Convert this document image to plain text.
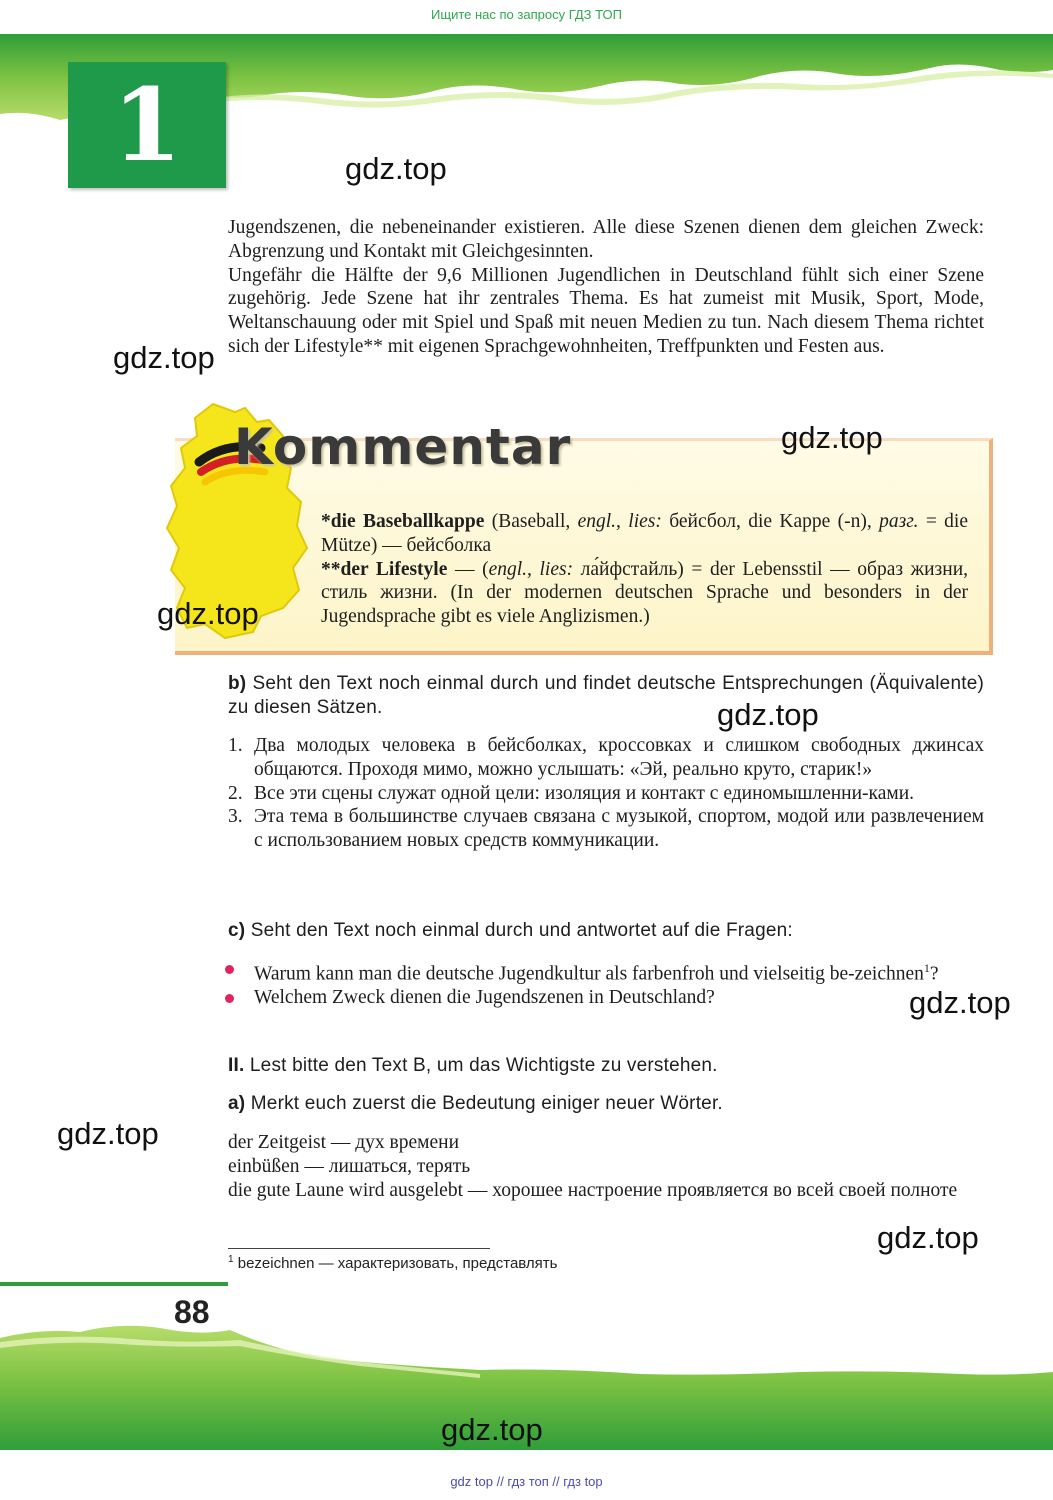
Ищите нас по запросу ГДЗ ТОП
1	gdz.top

Jugendszenen, die nebeneinander existieren. Alle diese Szenen dienen dem gleichen Zweck: Abgrenzung und Kontakt mit Gleichgesinnten.

Ungefähr die Hälfte der 9,6 Millionen Jugendlichen in Deutschland fühlt sich einer Szene zugehörig. Jede Szene hat ihr zentrales Thema. Es hat zumeist mit Musik, Sport, Mode, Weltanschauung oder mit Spiel und Spaß mit neuen Medien zu tun. Nach diesem Thema richtet sich der Lifestyle** mit eigenen Sprachgewohnheiten, Treffpunkten und Festen aus.

gdz.top
Kommentar	gdz.top

*die Baseballkappe (Baseball, engl., lies: бейсбол, die Kappe (-n), разг. = die Mütze) — бейсболка

**der Lifestyle — (engl., lies: ла́йфстайль) = der Lebensstil — образ жизни, стиль жизни. (In der modernen deutschen Sprache und besonders in der Jugendsprache gibt es viele Anglizismen.)

gdz.top
b) Seht den Text noch einmal durch und findet deutsche Entsprechungen (Äquivalente) zu diesen Sätzen.	gdz.top
1. Два молодых человека в бейсболках, кроссовках и слишком свободных джинсах общаются. Проходя мимо, можно услышать: «Эй, реально круто, старик!»
2. Все эти сцены служат одной цели: изоляция и контакт с единомышленни-ками.
3. Эта тема в большинстве случаев связана с музыкой, спортом, модой или развлечением с использованием новых средств коммуникации.
c) Seht den Text noch einmal durch und antwortet auf die Fragen:
Warum kann man die deutsche Jugendkultur als farbenfroh und vielseitig be-zeichnen$^1$?
Welchem Zweck dienen die Jugendszenen in Deutschland?	gdz.top
II. Lest bitte den Text B, um das Wichtigste zu verstehen.
a) Merkt euch zuerst die Bedeutung einiger neuer Wörter.
gdz.top	der Zeitgeist — дух времени

einbüßen — лишаться, терять

die gute Laune wird ausgelebt — хорошее настроение проявляется во всей своей полноте

gdz.top
$^1$ bezeichnen — характеризовать, представлять
88
gdz.top
gdz top // гдз топ // гдз top
